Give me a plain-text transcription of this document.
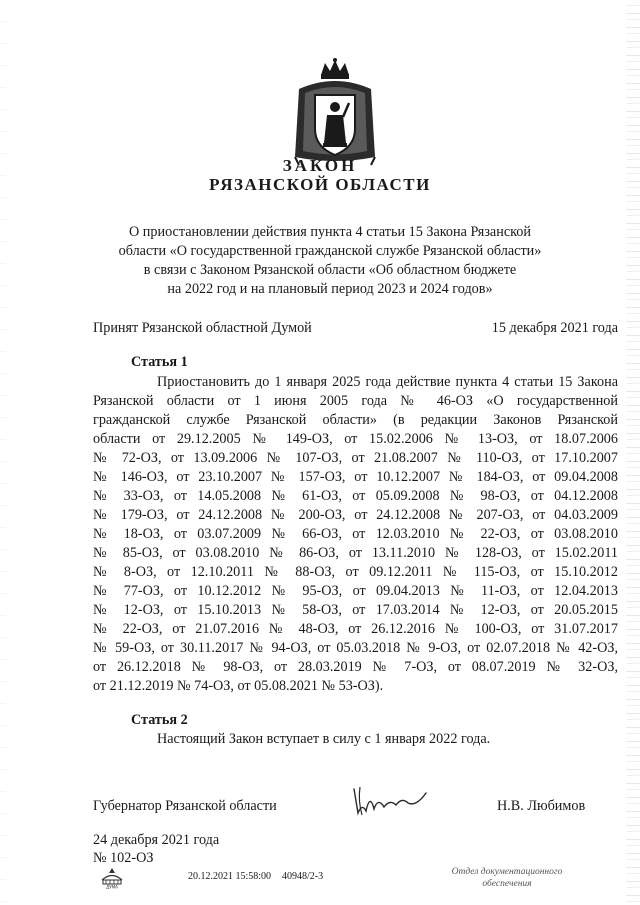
ЗАКОН
РЯЗАНСКОЙ ОБЛАСТИ
О приостановлении действия пункта 4 статьи 15 Закона Рязанской
области «О государственной гражданской службе Рязанской области»
в связи с Законом Рязанской области «Об областном бюджете
на 2022 год и на плановый период 2023 и 2024 годов»
Принят Рязанской областной Думой	15 декабря 2021 года
Статья 1
Приостановить до 1 января 2025 года действие пункта 4 статьи 15 Закона
Рязанской области от 1 июня 2005 года № 46-ОЗ «О государственной
гражданской службе Рязанской области» (в редакции Законов Рязанской
области от 29.12.2005 № 149-ОЗ, от 15.02.2006 № 13-ОЗ, от 18.07.2006
№ 72-ОЗ, от 13.09.2006 № 107-ОЗ, от 21.08.2007 № 110-ОЗ, от 17.10.2007
№ 146-ОЗ, от 23.10.2007 № 157-ОЗ, от 10.12.2007 № 184-ОЗ, от 09.04.2008
№ 33-ОЗ, от 14.05.2008 № 61-ОЗ, от 05.09.2008 № 98-ОЗ, от 04.12.2008
№ 179-ОЗ, от 24.12.2008 № 200-ОЗ, от 24.12.2008 № 207-ОЗ, от 04.03.2009
№ 18-ОЗ, от 03.07.2009 № 66-ОЗ, от 12.03.2010 № 22-ОЗ, от 03.08.2010
№ 85-ОЗ, от 03.08.2010 № 86-ОЗ, от 13.11.2010 № 128-ОЗ, от 15.02.2011
№ 8-ОЗ, от 12.10.2011 № 88-ОЗ, от 09.12.2011 № 115-ОЗ, от 15.10.2012
№ 77-ОЗ, от 10.12.2012 № 95-ОЗ, от 09.04.2013 № 11-ОЗ, от 12.04.2013
№ 12-ОЗ, от 15.10.2013 № 58-ОЗ, от 17.03.2014 № 12-ОЗ, от 20.05.2015
№ 22-ОЗ, от 21.07.2016 № 48-ОЗ, от 26.12.2016 № 100-ОЗ, от 31.07.2017
№ 59-ОЗ, от 30.11.2017 № 94-ОЗ, от 05.03.2018 № 9-ОЗ, от 02.07.2018 № 42-ОЗ,
от 26.12.2018 № 98-ОЗ, от 28.03.2019 № 7-ОЗ, от 08.07.2019 № 32-ОЗ,
от 21.12.2019 № 74-ОЗ, от 05.08.2021 № 53-ОЗ).
Статья 2
Настоящий Закон вступает в силу с 1 января 2022 года.
Губернатор Рязанской области	Н.В. Любимов
24 декабря 2021 года
№ 102-ОЗ
ДУМА
20.12.2021 15:58:00 40948/2-3	Отдел документационного
обеспечения
